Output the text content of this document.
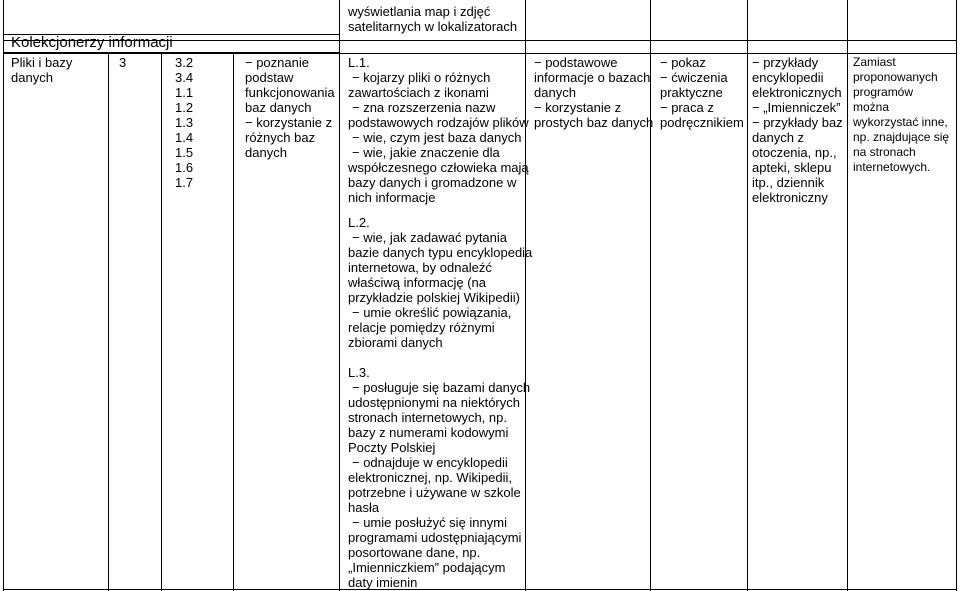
wyświetlania map i zdjęć
satelitarnych w lokalizatorach
Kolekcjonerzy informacji
Pliki i bazy
danych
3	3.2
3.4
1.1
1.2
1.3
1.4
1.5
1.6
1.7
− poznanie
podstaw
funkcjonowania
baz danych
− korzystanie z
różnych baz
danych
L.1.
− kojarzy pliki o różnych
zawartościach z ikonami
− zna rozszerzenia nazw
podstawowych rodzajów plików
− wie, czym jest baza danych
− wie, jakie znaczenie dla
współczesnego człowieka mają
bazy danych i gromadzone w
nich informacje
L.2.
− wie, jak zadawać pytania
bazie danych typu encyklopedia
internetowa, by odnaleźć
właściwą informację (na
przykładzie polskiej Wikipedii)
− umie określić powiązania,
relacje pomiędzy różnymi
zbiorami danych
L.3.
− posługuje się bazami danych
udostępnionymi na niektórych
stronach internetowych, np.
bazy z numerami kodowymi
Poczty Polskiej
− odnajduje w encyklopedii
elektronicznej, np. Wikipedii,
potrzebne i używane w szkole
hasła
− umie posłużyć się innymi
programami udostępniającymi
posortowane dane, np.
„Imienniczkiem” podającym
daty imienin
− podstawowe
informacje o bazach
danych
− korzystanie z
prostych baz danych
− pokaz
− ćwiczenia
praktyczne
− praca z
podręcznikiem
− przykłady
encyklopedii
elektronicznych
− „Imienniczek”
− przykłady baz
danych z
otoczenia, np.,
apteki, sklepu
itp., dziennik
elektroniczny
Zamiast
proponowanych
programów
można
wykorzystać inne,
np. znajdujące się
na stronach
internetowych.
